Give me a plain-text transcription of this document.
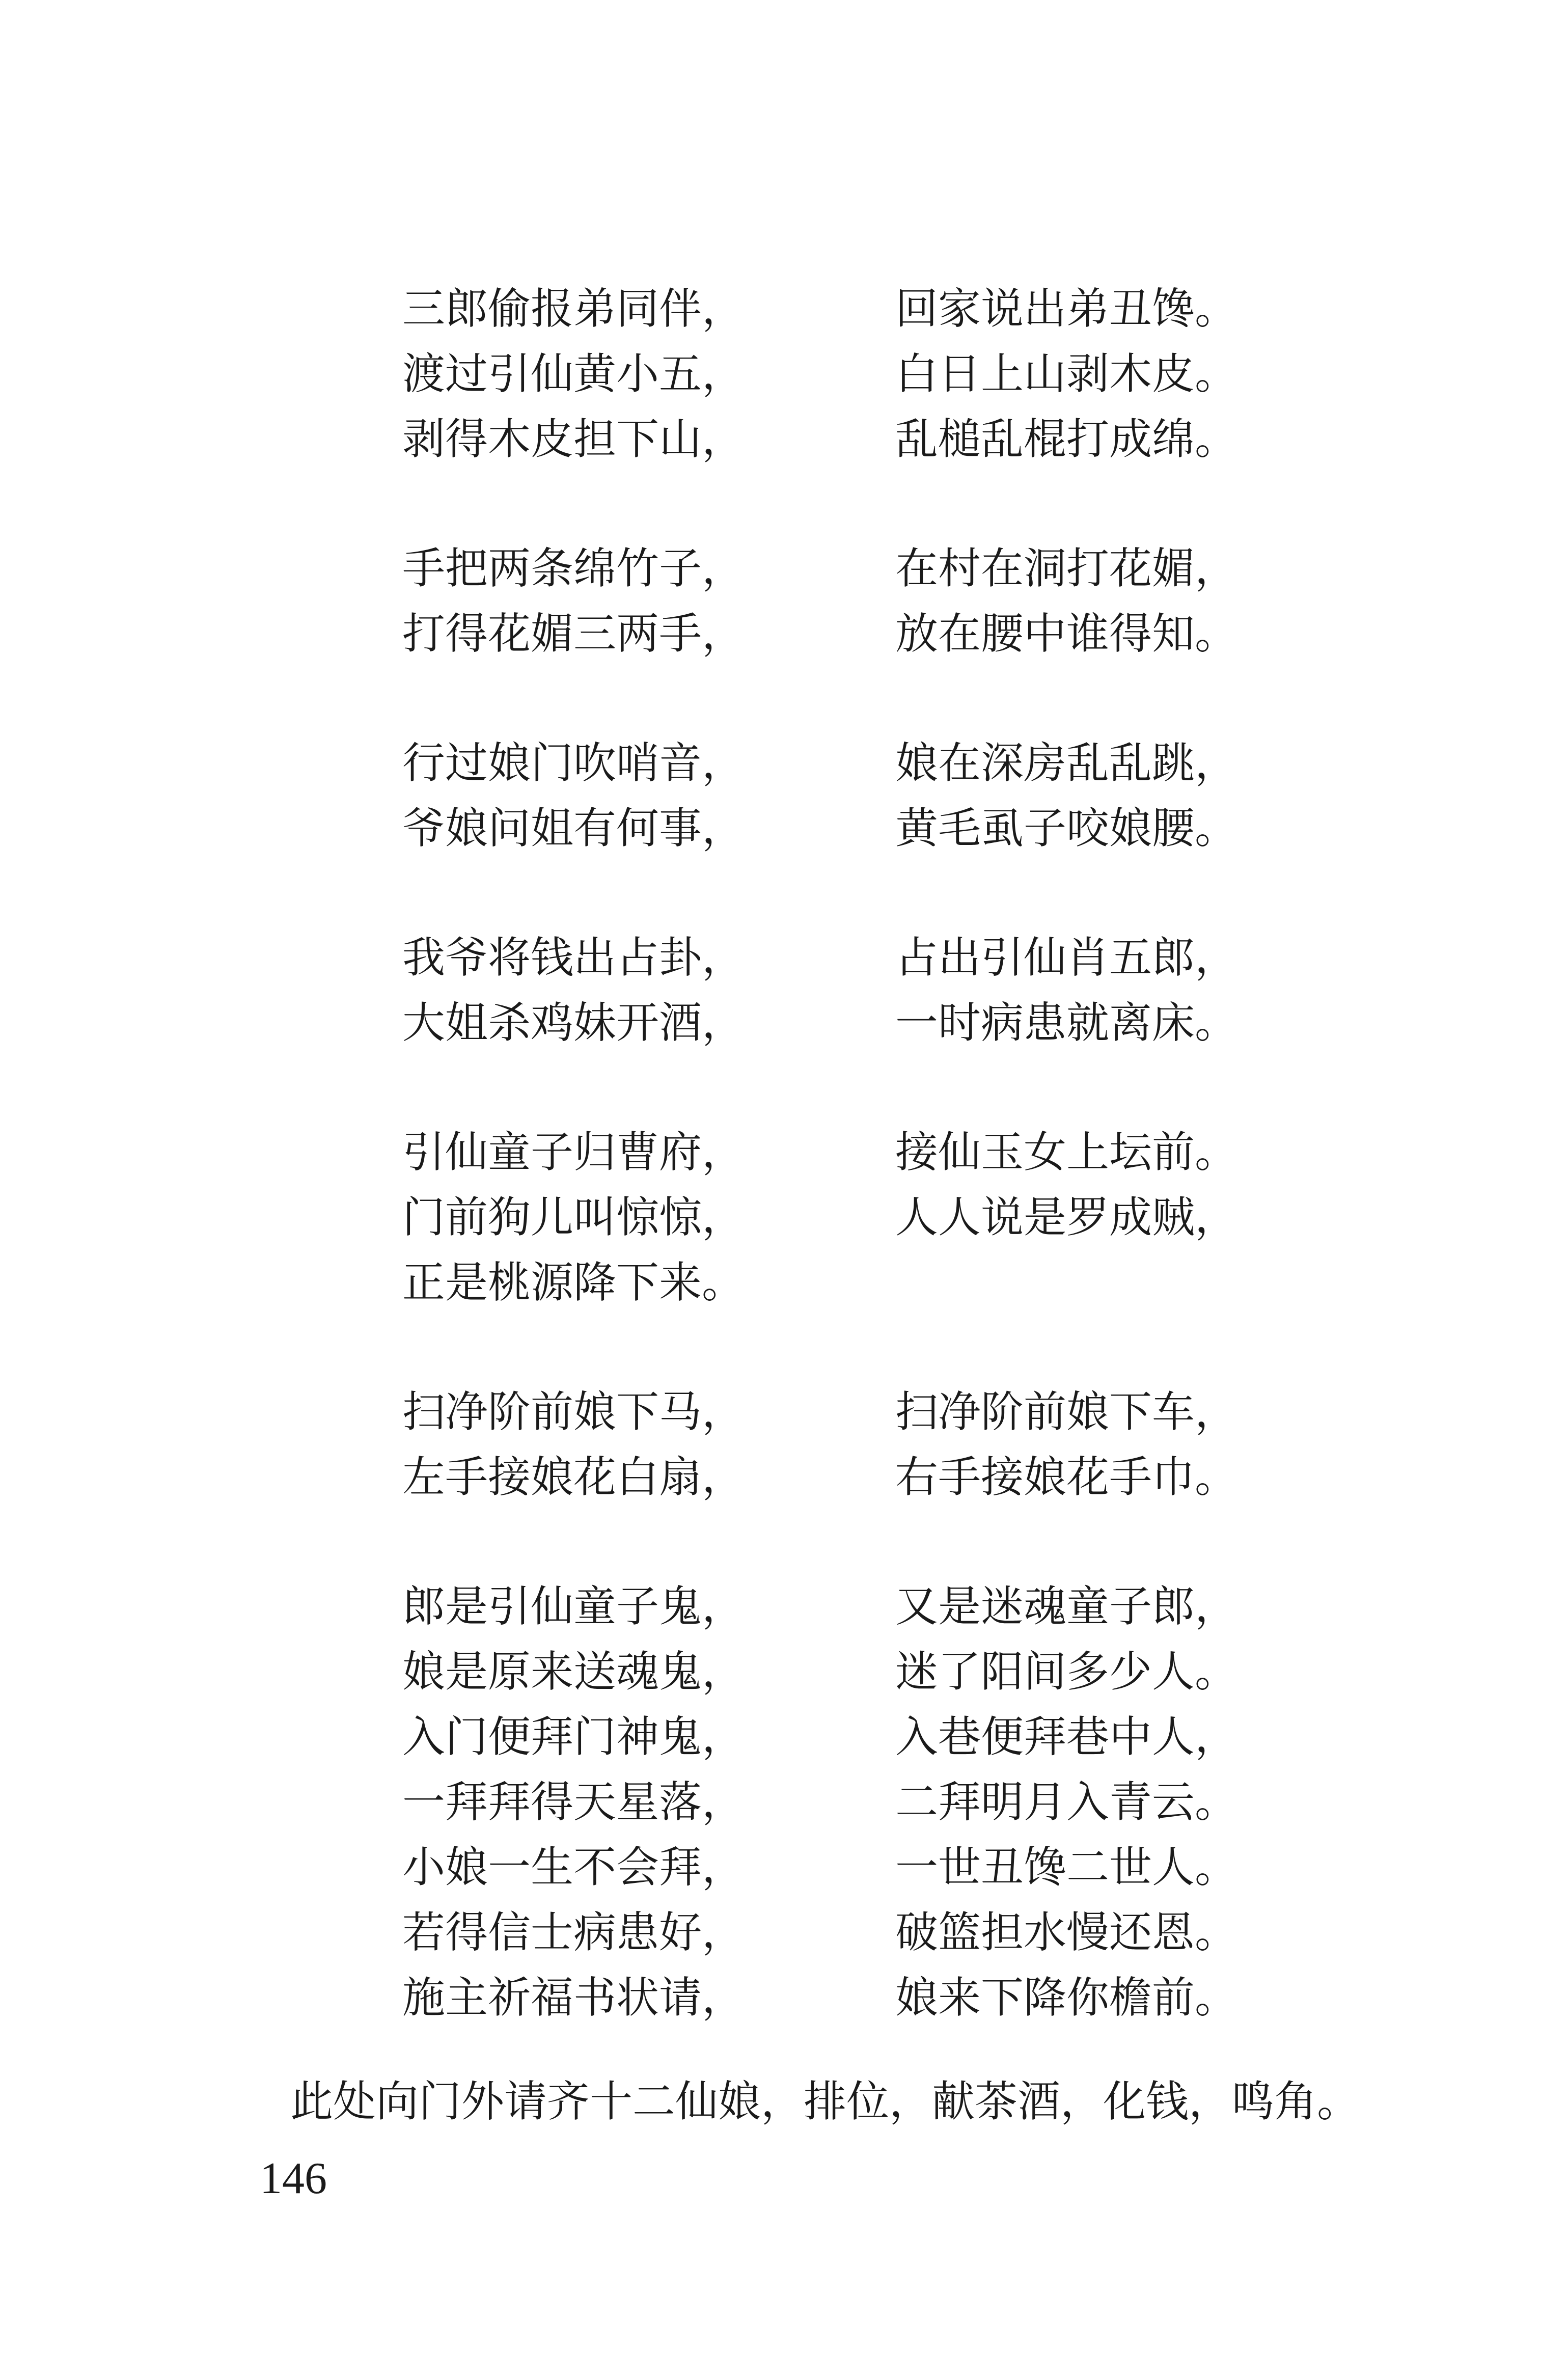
三郎偷报弟同伴，	回家说出弟丑馋。
渡过引仙黄小五，	白日上山剥木皮。
剥得木皮担下山，	乱槌乱棍打成绵。
手把两条绵竹子，	在村在洞打花媚，
打得花媚三两手，	放在腰中谁得知。
行过娘门吹哨音，	娘在深房乱乱跳，
爷娘问姐有何事，	黄毛虱子咬娘腰。
我爷将钱出占卦，	占出引仙肖五郎，
大姐杀鸡妹开酒，	一时病患就离床。
引仙童子归曹府，	接仙玉女上坛前。
门前狗儿叫惊惊，	人人说是罗成贼，
正是桃源降下来。
扫净阶前娘下马，	扫净阶前娘下车，
左手接娘花白扇，	右手接娘花手巾。
郎是引仙童子鬼，	又是迷魂童子郎，
娘是原来送魂鬼，	迷了阳间多少人。
入门便拜门神鬼，	入巷便拜巷中人，
一拜拜得天星落，	二拜明月入青云。
小娘一生不会拜，	一世丑馋二世人。
若得信士病患好，	破篮担水慢还恩。
施主祈福书状请，	娘来下降你檐前。
此处向门外请齐十二仙娘，排位，献茶酒，化钱，鸣角。
146
